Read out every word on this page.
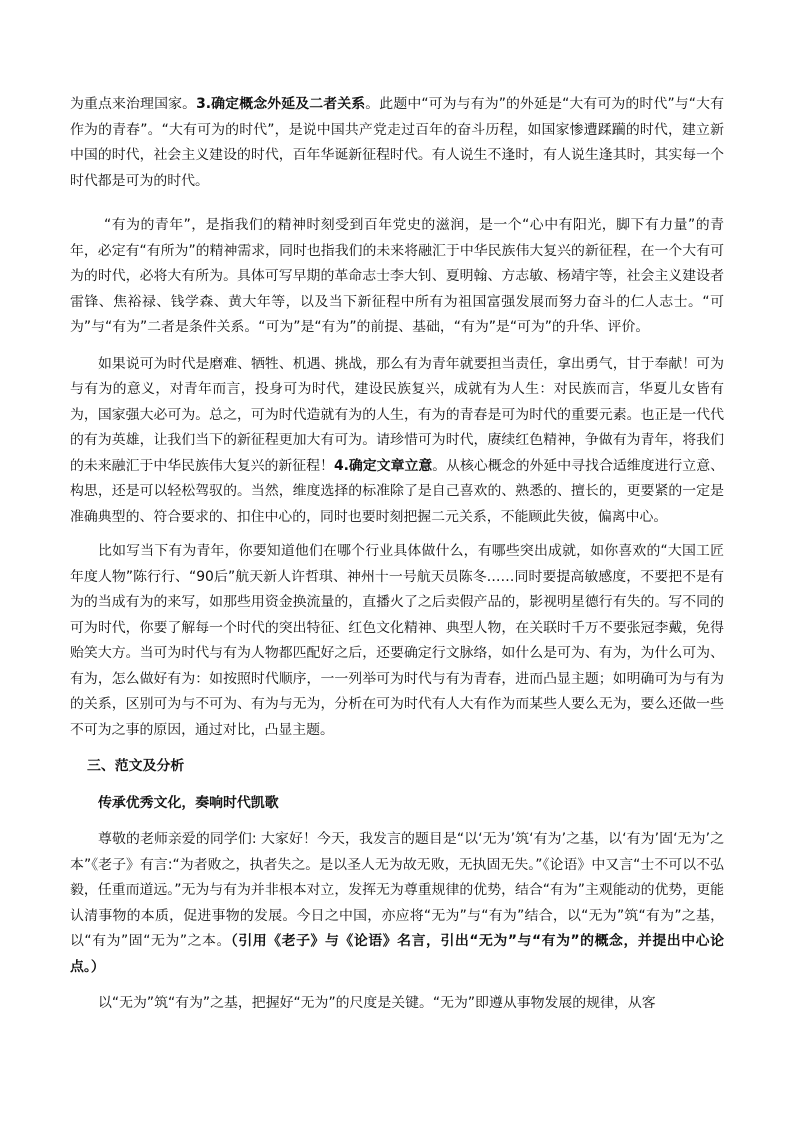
为重点来治理国家。3.确定概念外延及二者关系。此题中“可为与有为”的外延是“大有可为的时代”与“大有作为的青春”。“大有可为的时代”，是说中国共产党走过百年的奋斗历程，如国家惨遭蹂躏的时代，建立新中国的时代，社会主义建设的时代，百年华诞新征程时代。有人说生不逢时，有人说生逢其时，其实每一个时代都是可为的时代。

“有为的青年”，是指我们的精神时刻受到百年党史的滋润，是一个“心中有阳光，脚下有力量”的青年，必定有“有所为”的精神需求，同时也指我们的未来将融汇于中华民族伟大复兴的新征程，在一个大有可为的时代，必将大有所为。具体可写早期的革命志士李大钊、夏明翰、方志敏、杨靖宇等，社会主义建设者雷锋、焦裕禄、钱学森、黄大年等，以及当下新征程中所有为祖国富强发展而努力奋斗的仁人志士。“可为”与“有为”二者是条件关系。“可为”是“有为”的前提、基础，“有为”是“可为”的升华、评价。

如果说可为时代是磨难、牺牲、机遇、挑战，那么有为青年就要担当责任，拿出勇气，甘于奉献！可为与有为的意义，对青年而言，投身可为时代，建设民族复兴，成就有为人生：对民族而言，华夏儿女皆有为，国家强大必可为。总之，可为时代造就有为的人生，有为的青春是可为时代的重要元素。也正是一代代的有为英雄，让我们当下的新征程更加大有可为。请珍惜可为时代，赓续红色精神，争做有为青年，将我们的未来融汇于中华民族伟大复兴的新征程！4.确定文章立意。从核心概念的外延中寻找合适维度进行立意、构思，还是可以轻松驾驭的。当然，维度选择的标准除了是自己喜欢的、熟悉的、擅长的，更要紧的一定是准确典型的、符合要求的、扣住中心的，同时也要时刻把握二元关系，不能顾此失彼，偏离中心。

比如写当下有为青年，你要知道他们在哪个行业具体做什么，有哪些突出成就，如你喜欢的“大国工匠年度人物”陈行行、“90后”航天新人许哲琪、神州十一号航天员陈冬……同时要提高敏感度，不要把不是有为的当成有为的来写，如那些用资金换流量的，直播火了之后卖假产品的，影视明星德行有失的。写不同的可为时代，你要了解每一个时代的突出特征、红色文化精神、典型人物，在关联时千万不要张冠李戴，免得贻笑大方。当可为时代与有为人物都匹配好之后，还要确定行文脉络，如什么是可为、有为，为什么可为、有为，怎么做好有为：如按照时代顺序，一一列举可为时代与有为青春，进而凸显主题；如明确可为与有为的关系，区别可为与不可为、有为与无为，分析在可为时代有人大有作为而某些人要么无为，要么还做一些不可为之事的原因，通过对比，凸显主题。

三、范文及分析

传承优秀文化，奏响时代凯歌

尊敬的老师亲爱的同学们: 大家好！今天，我发言的题目是“以‘无为’筑‘有为’之基，以‘有为’固‘无为’之本”《老子》有言:“为者败之，执者失之。是以圣人无为故无败，无执固无失。”《论语》中又言“士不可以不弘毅，任重而道远。”无为与有为并非根本对立，发挥无为尊重规律的优势，结合“有为”主观能动的优势，更能认清事物的本质，促进事物的发展。今日之中国，亦应将“无为”与“有为”结合，以“无为”筑“有为”之基，以“有为”固“无为”之本。（引用《老子》与《论语》名言，引出“无为”与“有为”的概念，并提出中心论点。）

以“无为”筑“有为”之基，把握好“无为”的尺度是关键。“无为”即遵从事物发展的规律，从客
